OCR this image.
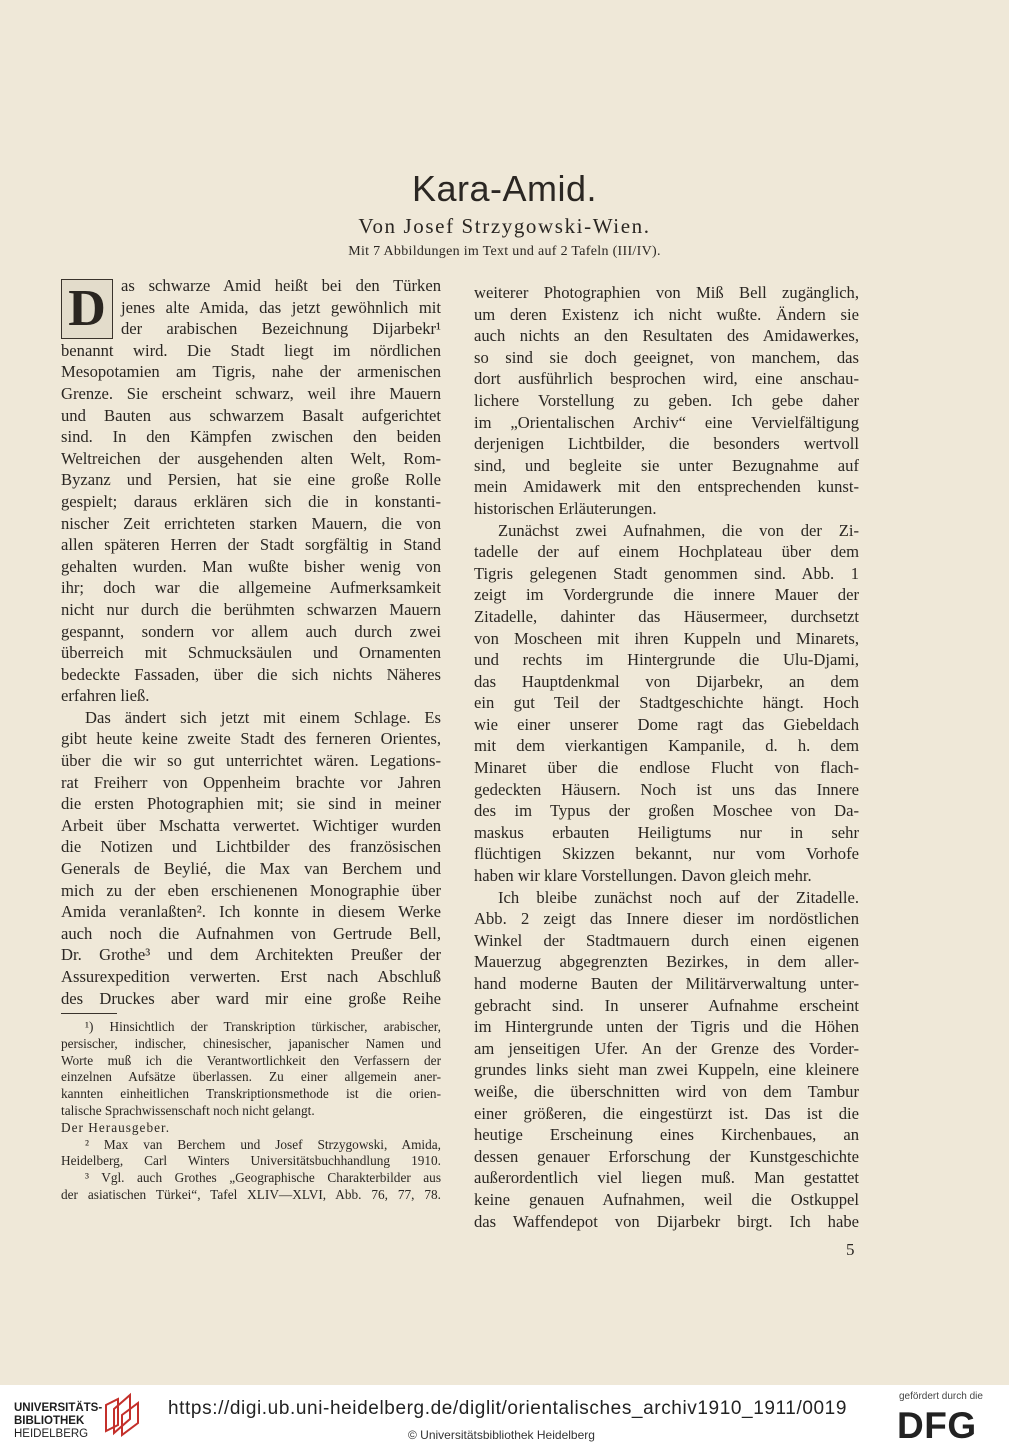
Kara-Amid.
Von Josef Strzygowski-Wien.
Mit 7 Abbildungen im Text und auf 2 Tafeln (III/IV).
D as schwarze Amid heißt bei den Türken
jenes alte Amida, das jetzt gewöhnlich mit
der arabischen Bezeichnung Dijarbekr¹
benannt wird. Die Stadt liegt im nördlichen
Mesopotamien am Tigris, nahe der armenischen
Grenze. Sie erscheint schwarz, weil ihre Mauern
und Bauten aus schwarzem Basalt aufgerichtet
sind. In den Kämpfen zwischen den beiden
Weltreichen der ausgehenden alten Welt, Rom-
Byzanz und Persien, hat sie eine große Rolle
gespielt; daraus erklären sich die in konstanti-
nischer Zeit errichteten starken Mauern, die von
allen späteren Herren der Stadt sorgfältig in Stand
gehalten wurden. Man wußte bisher wenig von
ihr; doch war die allgemeine Aufmerksamkeit
nicht nur durch die berühmten schwarzen Mauern
gespannt, sondern vor allem auch durch zwei
überreich mit Schmucksäulen und Ornamenten
bedeckte Fassaden, über die sich nichts Näheres
erfahren ließ.
Das ändert sich jetzt mit einem Schlage. Es
gibt heute keine zweite Stadt des ferneren Orientes,
über die wir so gut unterrichtet wären. Legations-
rat Freiherr von Oppenheim brachte vor Jahren
die ersten Photographien mit; sie sind in meiner
Arbeit über Mschatta verwertet. Wichtiger wurden
die Notizen und Lichtbilder des französischen
Generals de Beylié, die Max van Berchem und
mich zu der eben erschienenen Monographie über
Amida veranlaßten². Ich konnte in diesem Werke
auch noch die Aufnahmen von Gertrude Bell,
Dr. Grothe³ und dem Architekten Preußer der
Assurexpedition verwerten. Erst nach Abschluß
des Druckes aber ward mir eine große Reihe
¹) Hinsichtlich der Transkription türkischer, arabischer,
persischer, indischer, chinesischer, japanischer Namen und
Worte muß ich die Verantwortlichkeit den Verfassern der
einzelnen Aufsätze überlassen. Zu einer allgemein aner-
kannten einheitlichen Transkriptionsmethode ist die orien-
talische Sprachwissenschaft noch nicht gelangt.
Der Herausgeber.
² Max van Berchem und Josef Strzygowski, Amida,
Heidelberg, Carl Winters Universitätsbuchhandlung 1910.
³ Vgl. auch Grothes „Geographische Charakterbilder aus
der asiatischen Türkei“, Tafel XLIV—XLVI, Abb. 76, 77, 78.
weiterer Photographien von Miß Bell zugänglich,
um deren Existenz ich nicht wußte. Ändern sie
auch nichts an den Resultaten des Amidawerkes,
so sind sie doch geeignet, von manchem, das
dort ausführlich besprochen wird, eine anschau-
lichere Vorstellung zu geben. Ich gebe daher
im „Orientalischen Archiv“ eine Vervielfältigung
derjenigen Lichtbilder, die besonders wertvoll
sind, und begleite sie unter Bezugnahme auf
mein Amidawerk mit den entsprechenden kunst-
historischen Erläuterungen.
Zunächst zwei Aufnahmen, die von der Zi-
tadelle der auf einem Hochplateau über dem
Tigris gelegenen Stadt genommen sind. Abb. 1
zeigt im Vordergrunde die innere Mauer der
Zitadelle, dahinter das Häusermeer, durchsetzt
von Moscheen mit ihren Kuppeln und Minarets,
und rechts im Hintergrunde die Ulu-Djami,
das Hauptdenkmal von Dijarbekr, an dem
ein gut Teil der Stadtgeschichte hängt. Hoch
wie einer unserer Dome ragt das Giebeldach
mit dem vierkantigen Kampanile, d. h. dem
Minaret über die endlose Flucht von flach-
gedeckten Häusern. Noch ist uns das Innere
des im Typus der großen Moschee von Da-
maskus erbauten Heiligtums nur in sehr
flüchtigen Skizzen bekannt, nur vom Vorhofe
haben wir klare Vorstellungen. Davon gleich mehr.
Ich bleibe zunächst noch auf der Zitadelle.
Abb. 2 zeigt das Innere dieser im nordöstlichen
Winkel der Stadtmauern durch einen eigenen
Mauerzug abgegrenzten Bezirkes, in dem aller-
hand moderne Bauten der Militärverwaltung unter-
gebracht sind. In unserer Aufnahme erscheint
im Hintergrunde unten der Tigris und die Höhen
am jenseitigen Ufer. An der Grenze des Vorder-
grundes links sieht man zwei Kuppeln, eine kleinere
weiße, die überschnitten wird von dem Tambur
einer größeren, die eingestürzt ist. Das ist die
heutige Erscheinung eines Kirchenbaues, an
dessen genauer Erforschung der Kunstgeschichte
außerordentlich viel liegen muß. Man gestattet
keine genauen Aufnahmen, weil die Ostkuppel
das Waffendepot von Dijarbekr birgt. Ich habe
5
UNIVERSITÄTS-
BIBLIOTHEK
HEIDELBERG
https://digi.ub.uni-heidelberg.de/diglit/orientalisches_archiv1910_1911/0019
© Universitätsbibliothek Heidelberg
gefördert durch die
DFG
